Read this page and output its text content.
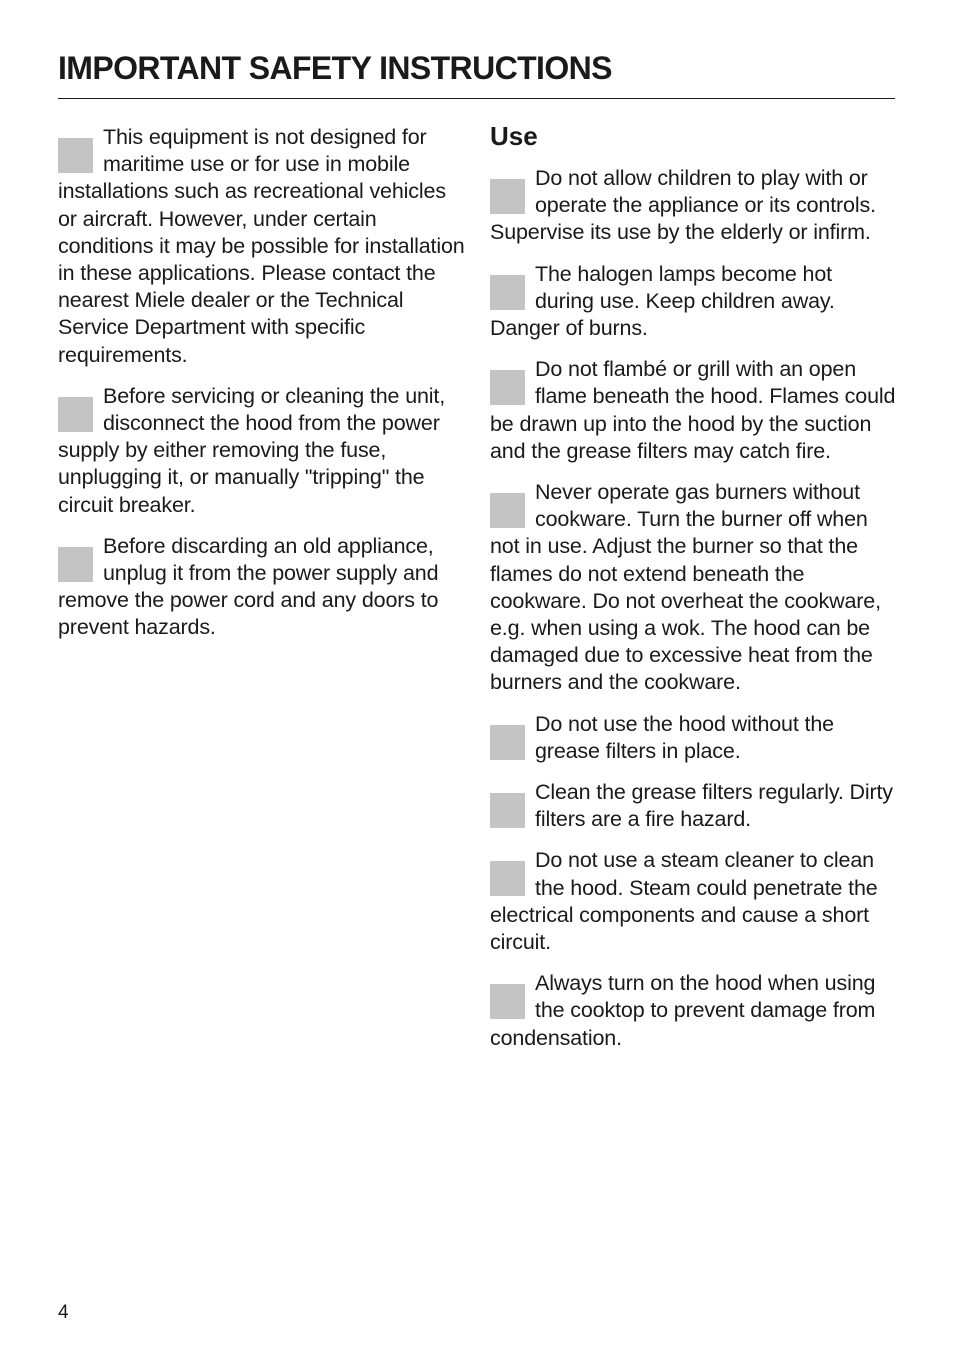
IMPORTANT SAFETY INSTRUCTIONS

This equipment is not designed for maritime use or for use in mobile installations such as recreational vehicles or aircraft. However, under certain conditions it may be possible for installation in these applications. Please contact the nearest Miele dealer or the Technical Service Department with specific requirements.

Before servicing or cleaning the unit, disconnect the hood from the power supply by either removing the fuse, unplugging it, or manually "tripping" the circuit breaker.

Before discarding an old appliance, unplug it from the power supply and remove the power cord and any doors to prevent hazards.

Use

Do not allow children to play with or operate the appliance or its controls. Supervise its use by the elderly or infirm.

The halogen lamps become hot during use. Keep children away. Danger of burns.

Do not flambé or grill with an open flame beneath the hood. Flames could be drawn up into the hood by the suction and the grease filters may catch fire.

Never operate gas burners without cookware. Turn the burner off when not in use. Adjust the burner so that the flames do not extend beneath the cookware. Do not overheat the cookware, e.g. when using a wok. The hood can be damaged due to excessive heat from the burners and the cookware.

Do not use the hood without the grease filters in place.

Clean the grease filters regularly. Dirty filters are a fire hazard.

Do not use a steam cleaner to clean the hood. Steam could penetrate the electrical components and cause a short circuit.

Always turn on the hood when using the cooktop to prevent damage from condensation.

4
